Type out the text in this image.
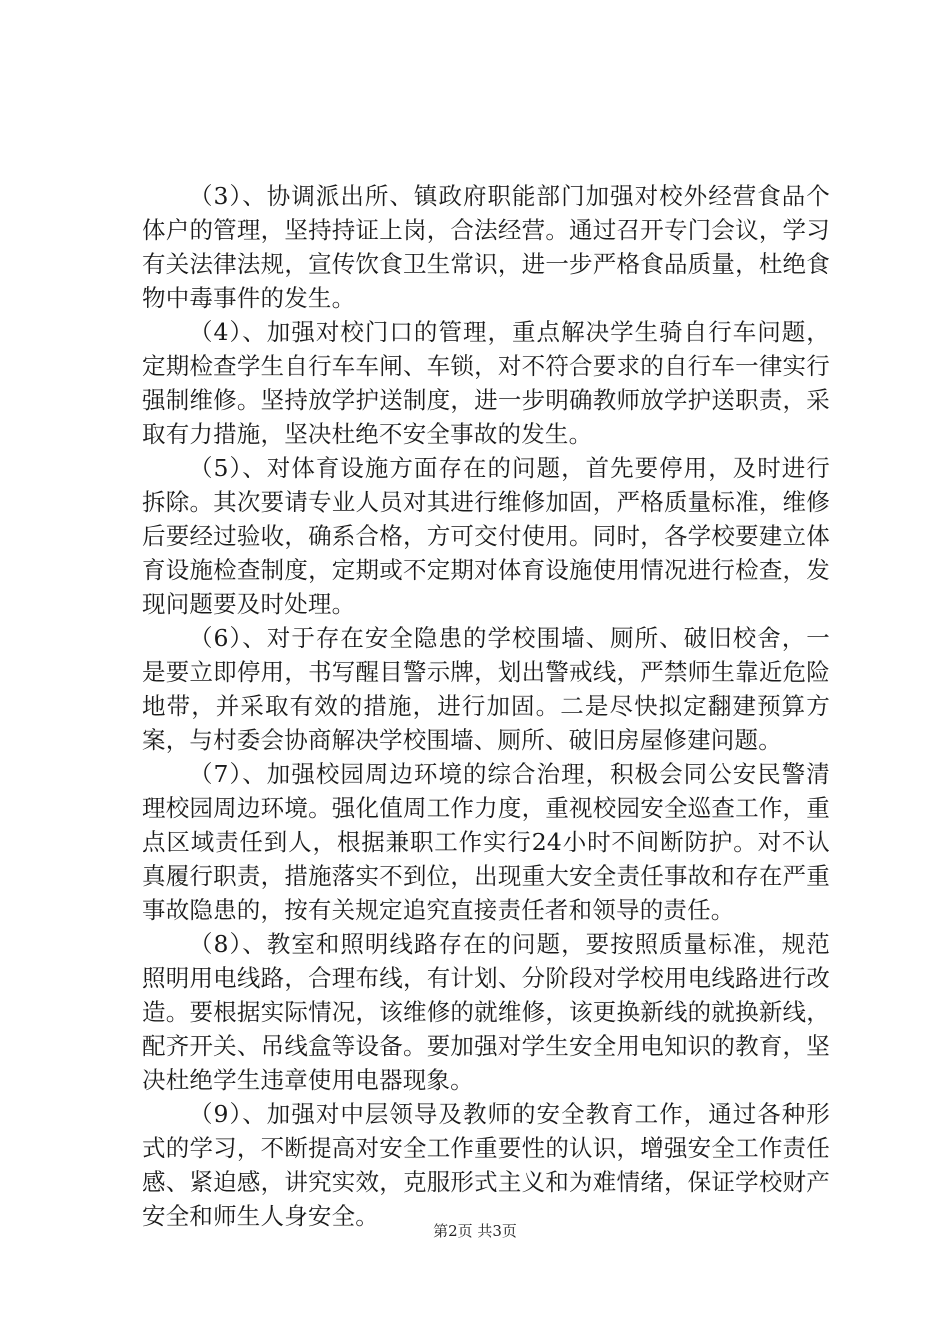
（3）、协调派出所、镇政府职能部门加强对校外经营食品个体户的管理，坚持持证上岗，合法经营。通过召开专门会议，学习有关法律法规，宣传饮食卫生常识，进一步严格食品质量，杜绝食物中毒事件的发生。

（4）、加强对校门口的管理，重点解决学生骑自行车问题，定期检查学生自行车车闸、车锁，对不符合要求的自行车一律实行强制维修。坚持放学护送制度，进一步明确教师放学护送职责，采取有力措施，坚决杜绝不安全事故的发生。

（5）、对体育设施方面存在的问题，首先要停用，及时进行拆除。其次要请专业人员对其进行维修加固，严格质量标准，维修后要经过验收，确系合格，方可交付使用。同时，各学校要建立体育设施检查制度，定期或不定期对体育设施使用情况进行检查，发现问题要及时处理。

（6）、对于存在安全隐患的学校围墙、厕所、破旧校舍，一是要立即停用，书写醒目警示牌，划出警戒线，严禁师生靠近危险地带，并采取有效的措施，进行加固。二是尽快拟定翻建预算方案，与村委会协商解决学校围墙、厕所、破旧房屋修建问题。

（7）、加强校园周边环境的综合治理，积极会同公安民警清理校园周边环境。强化值周工作力度，重视校园安全巡查工作，重点区域责任到人，根据兼职工作实行24小时不间断防护。对不认真履行职责，措施落实不到位，出现重大安全责任事故和存在严重事故隐患的，按有关规定追究直接责任者和领导的责任。

（8）、教室和照明线路存在的问题，要按照质量标准，规范照明用电线路，合理布线，有计划、分阶段对学校用电线路进行改造。要根据实际情况，该维修的就维修，该更换新线的就换新线，配齐开关、吊线盒等设备。要加强对学生安全用电知识的教育，坚决杜绝学生违章使用电器现象。

（9）、加强对中层领导及教师的安全教育工作，通过各种形式的学习，不断提高对安全工作重要性的认识，增强安全工作责任感、紧迫感，讲究实效，克服形式主义和为难情绪，保证学校财产安全和师生人身安全。

第2页 共3页
